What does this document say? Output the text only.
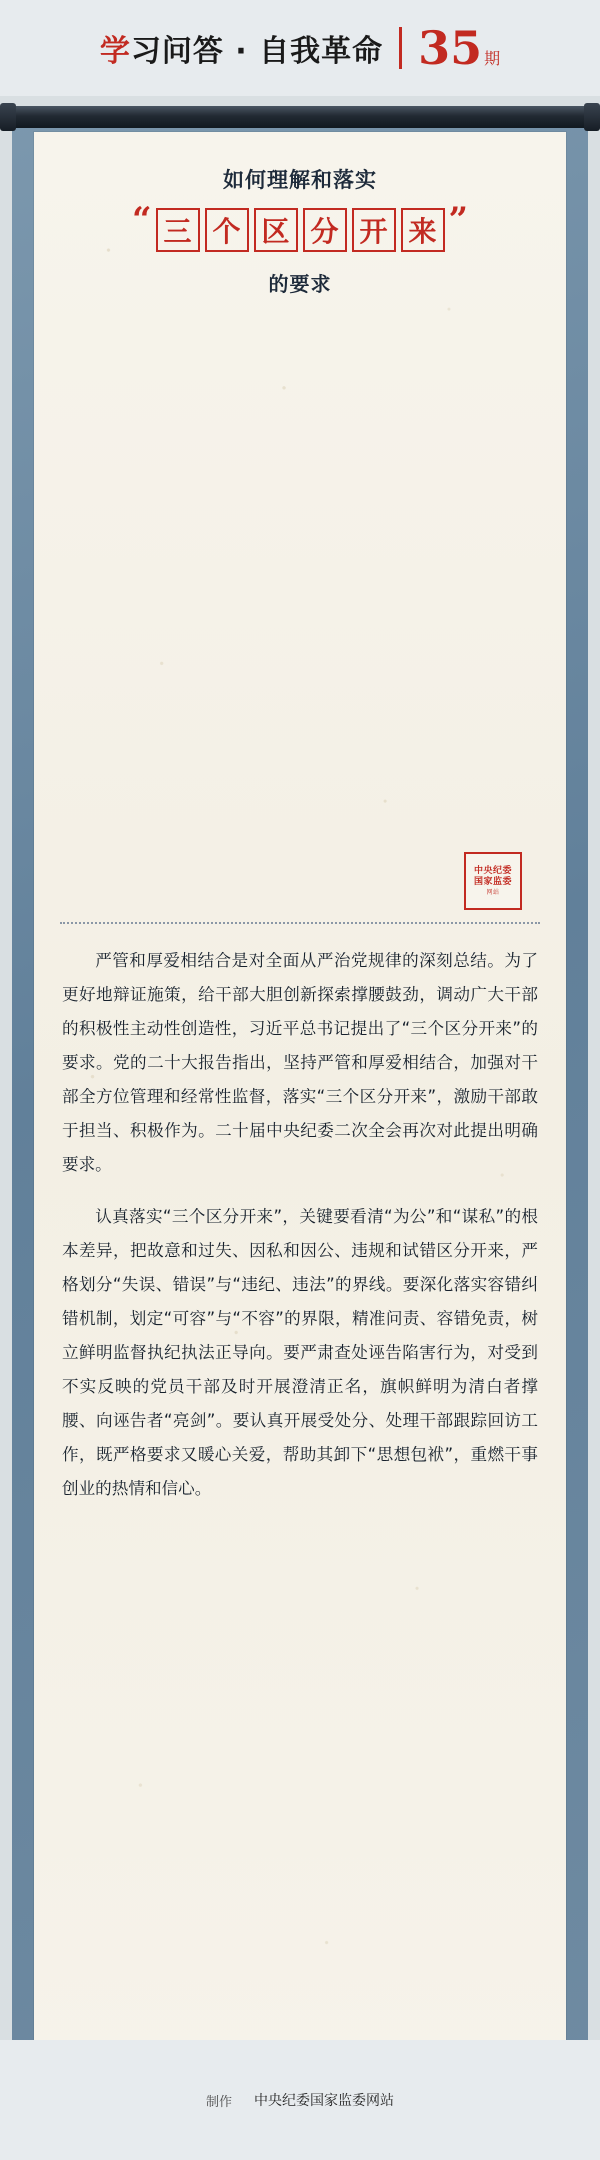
学习问答 · 自我革命 35 期
如何理解和落实
“ 三 个 区 分 开 来 ”
的要求
中央纪委
国家监委
网站

严管和厚爱相结合是对全面从严治党规律的深刻总结。为了更好地辩证施策，给干部大胆创新探索撑腰鼓劲，调动广大干部的积极性主动性创造性，习近平总书记提出了“三个区分开来”的要求。党的二十大报告指出，坚持严管和厚爱相结合，加强对干部全方位管理和经常性监督，落实“三个区分开来”，激励干部敢于担当、积极作为。二十届中央纪委二次全会再次对此提出明确要求。

认真落实“三个区分开来”，关键要看清“为公”和“谋私”的根本差异，把故意和过失、因私和因公、违规和试错区分开来，严格划分“失误、错误”与“违纪、违法”的界线。要深化落实容错纠错机制，划定“可容”与“不容”的界限，精准问责、容错免责，树立鲜明监督执纪执法正导向。要严肃查处诬告陷害行为，对受到不实反映的党员干部及时开展澄清正名，旗帜鲜明为清白者撑腰、向诬告者“亮剑”。要认真开展受处分、处理干部跟踪回访工作，既严格要求又暖心关爱，帮助其卸下“思想包袱”，重燃干事创业的热情和信心。

制作 中央纪委国家监委网站
